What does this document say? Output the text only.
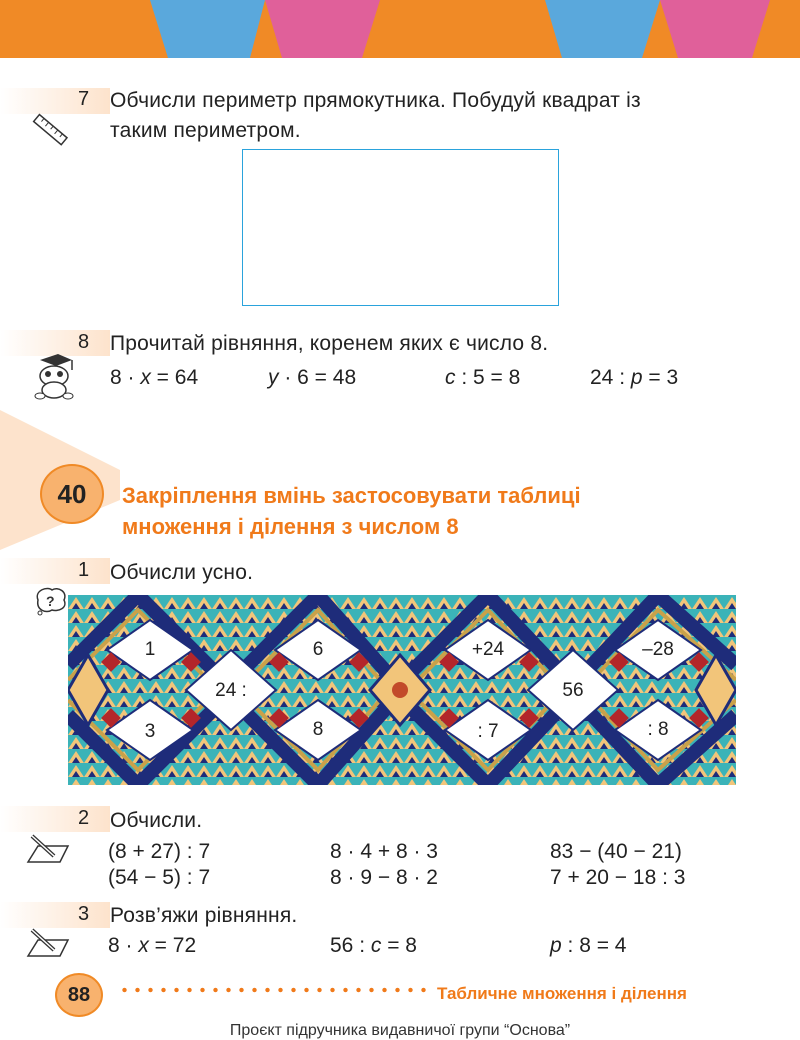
7 Обчисли периметр прямокутника. Побудуй квадрат із
таким периметром.
8 Прочитай рівняння, коренем яких є число 8.
8 · x = 64	y · 6 = 48	c : 5 = 8	24 : p = 3
40	Закріплення вмінь застосовувати таблиці
множення і ділення з числом 8
1
?
Обчисли усно.
1
3
24 :
6
8
+24
: 7
56
–28
: 8
2 Обчисли.
(8 + 27) : 7	8 · 4 + 8 · 3	83 − (40 − 21)
(54 − 5) : 7	8 · 9 − 8 · 2	7 + 20 − 18 : 3
3 Розв’яжи рівняння.
8 · x = 72	56 : c = 8	p : 8 = 4
88	Табличне множення і ділення
Проєкт підручника видавничої групи “Основа”
